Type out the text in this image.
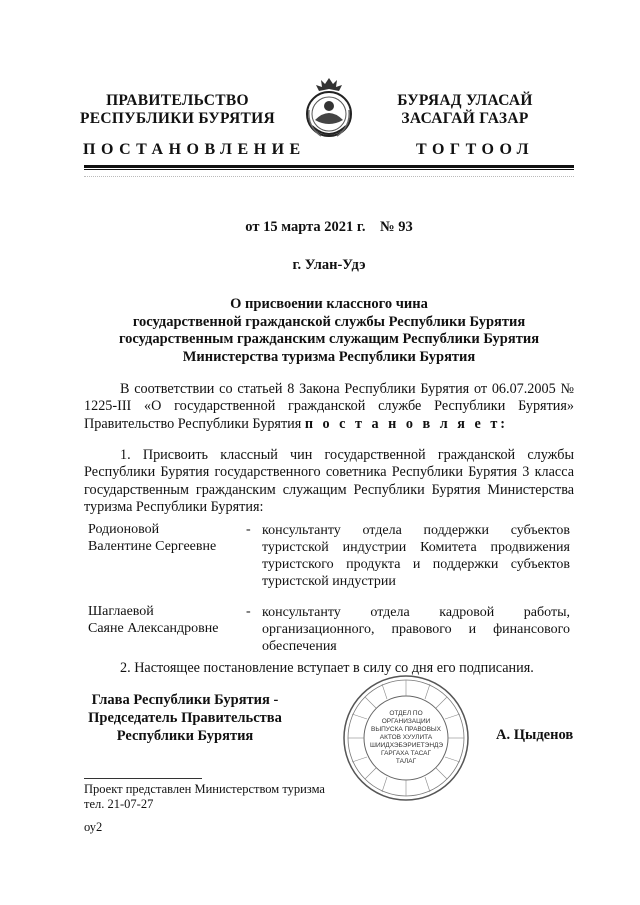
ПРАВИТЕЛЬСТВО
РЕСПУБЛИКИ БУРЯТИЯ
БУРЯАД УЛАСАЙ
ЗАСАГАЙ ГАЗАР
ПОСТАНОВЛЕНИЕ	ТОГТООЛ
от 15 марта 2021 г.    № 93
г. Улан-Удэ
О присвоении классного чина
государственной гражданской службы Республики Бурятия
государственным гражданским служащим Республики Бурятия
Министерства туризма Республики Бурятия
В соответствии со статьей 8 Закона Республики Бурятия от 06.07.2005 № 1225-III «О государственной гражданской службе Республики Бурятия» Правительство Республики Бурятия п о с т а н о в л я е т:
1. Присвоить классный чин государственной гражданской службы Республики Бурятия государственного советника Республики Бурятия 3 класса государственным гражданским служащим Республики Бурятия Министерства туризма Республики Бурятия:
Родионовой
Валентине Сергеевне
- консультанту отдела поддержки субъектов туристской индустрии Комитета продвижения туристского продукта и поддержки субъектов туристской индустрии
Шаглаевой
Саяне Александровне
- консультанту отдела кадровой работы, организационного, правового и финансового обеспечения
2. Настоящее постановление вступает в силу со дня его подписания.
Глава Республики Бурятия -
Председатель Правительства
Республики Бурятия
ОТДЕЛ ПО ОРГАНИЗАЦИИ ВЫПУСКА ПРАВОВЫХ АКТОВ ХУУЛИТА ШИИДХЭБЭРИЕТЭНДЭ ГАРГАХА ТАСАГ ТАЛАГ
А. Цыденов
Проект представлен Министерством туризма
тел. 21-07-27
оу2
